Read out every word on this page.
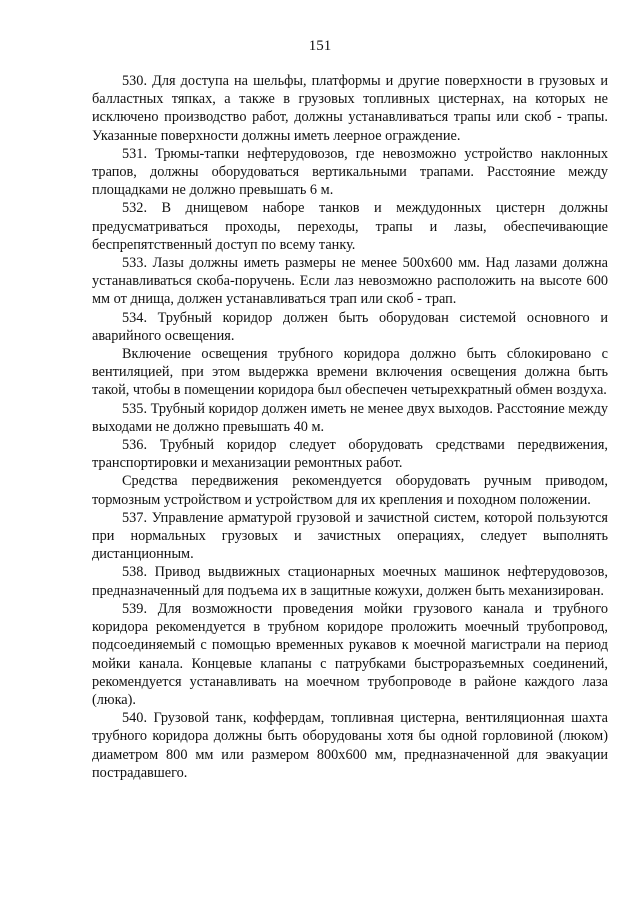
151

530. Для доступа на шельфы, платформы и другие поверхности в грузовых и балластных тяпках, а также в грузовых топливных цистернах, на которых не исключено производство работ, должны устанавливаться трапы или скоб - трапы. Указанные поверхности должны иметь леерное ограждение.

531. Трюмы-тапки нефтерудовозов, где невозможно устройство наклонных трапов, должны оборудоваться вертикальными трапами. Расстояние между площадками не должно превышать 6 м.

532. В днищевом наборе танков и междудонных цистерн должны предусматриваться проходы, переходы, трапы и лазы, обеспечивающие беспрепятственный доступ по всему танку.

533. Лазы должны иметь размеры не менее 500х600 мм. Над лазами должна устанавливаться скоба-поручень. Если лаз невозможно расположить на высоте 600 мм от днища, должен устанавливаться трап или скоб - трап.

534. Трубный коридор должен быть оборудован системой основного и аварийного освещения.

Включение освещения трубного коридора должно быть сблокировано с вентиляцией, при этом выдержка времени включения освещения должна быть такой, чтобы в помещении коридора был обеспечен четырехкратный обмен воздуха.

535. Трубный коридор должен иметь не менее двух выходов. Расстояние между выходами не должно превышать 40 м.

536. Трубный коридор следует оборудовать средствами передвижения, транспортировки и механизации ремонтных работ.

Средства передвижения рекомендуется оборудовать ручным приводом, тормозным устройством и устройством для их крепления и походном положении.

537. Управление арматурой грузовой и зачистной систем, которой пользуются при нормальных грузовых и зачистных операциях, следует выполнять дистанционным.

538. Привод выдвижных стационарных моечных машинок нефтерудовозов, предназначенный для подъема их в защитные кожухи, должен быть механизирован.

539. Для возможности проведения мойки грузового канала и трубного коридора рекомендуется в трубном коридоре проложить моечный трубопровод, подсоединяемый с помощью временных рукавов к моечной магистрали на период мойки канала. Концевые клапаны с патрубками быстроразъемных соединений, рекомендуется устанавливать на моечном трубопроводе в районе каждого лаза (люка).

540. Грузовой танк, коффердам, топливная цистерна, вентиляционная шахта трубного коридора должны быть оборудованы хотя бы одной горловиной (люком) диаметром 800 мм или размером 800х600 мм, предназначенной для эвакуации пострадавшего.
